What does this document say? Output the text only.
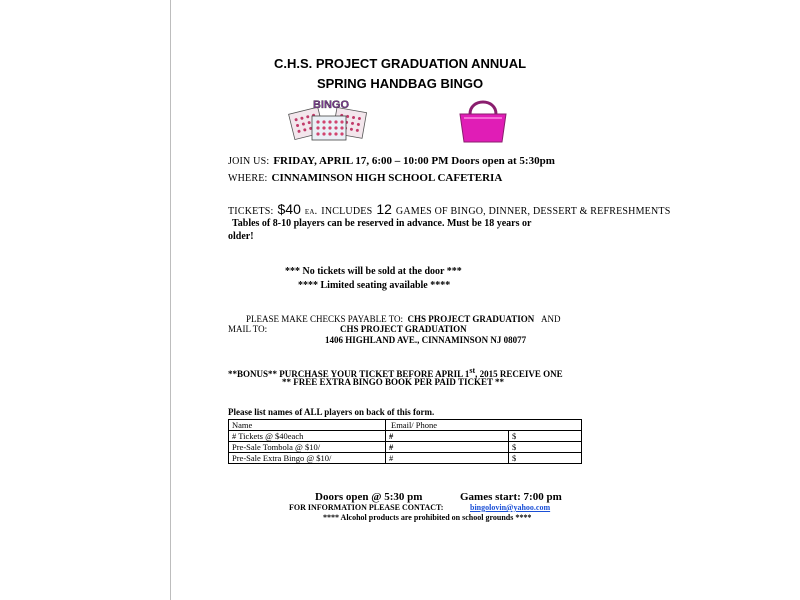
C.H.S. PROJECT GRADUATION ANNUAL
SPRING HANDBAG BINGO
BINGO
JOIN US: FRIDAY, APRIL 17, 6:00 – 10:00 PM Doors open at 5:30pm
WHERE: CINNAMINSON HIGH SCHOOL CAFETERIA
TICKETS: $40 ea. INCLUDES 12 GAMES OF BINGO, DINNER, DESSERT & REFRESHMENTS
Tables of 8-10 players can be reserved in advance. Must be 18 years or
older!
*** No tickets will be sold at the door ***
**** Limited seating available ****
PLEASE MAKE CHECKS PAYABLE TO: CHS PROJECT GRADUATION AND
MAIL TO:	CHS PROJECT GRADUATION
1406 HIGHLAND AVE., CINNAMINSON NJ 08077
**BONUS** PURCHASE YOUR TICKET BEFORE APRIL 1st, 2015 RECEIVE ONE
** FREE EXTRA BINGO BOOK PER PAID TICKET **
Please list names of ALL players on back of this form.
Name	Email/ Phone	
# Tickets @ $40each	#	$
Pre-Sale Tombola @ $10/	#	$
Pre-Sale Extra Bingo @ $10/	#	$
Doors open @ 5:30 pm	Games start: 7:00 pm
FOR INFORMATION PLEASE CONTACT:	bingolovin@yahoo.com
**** Alcohol products are prohibited on school grounds ****
